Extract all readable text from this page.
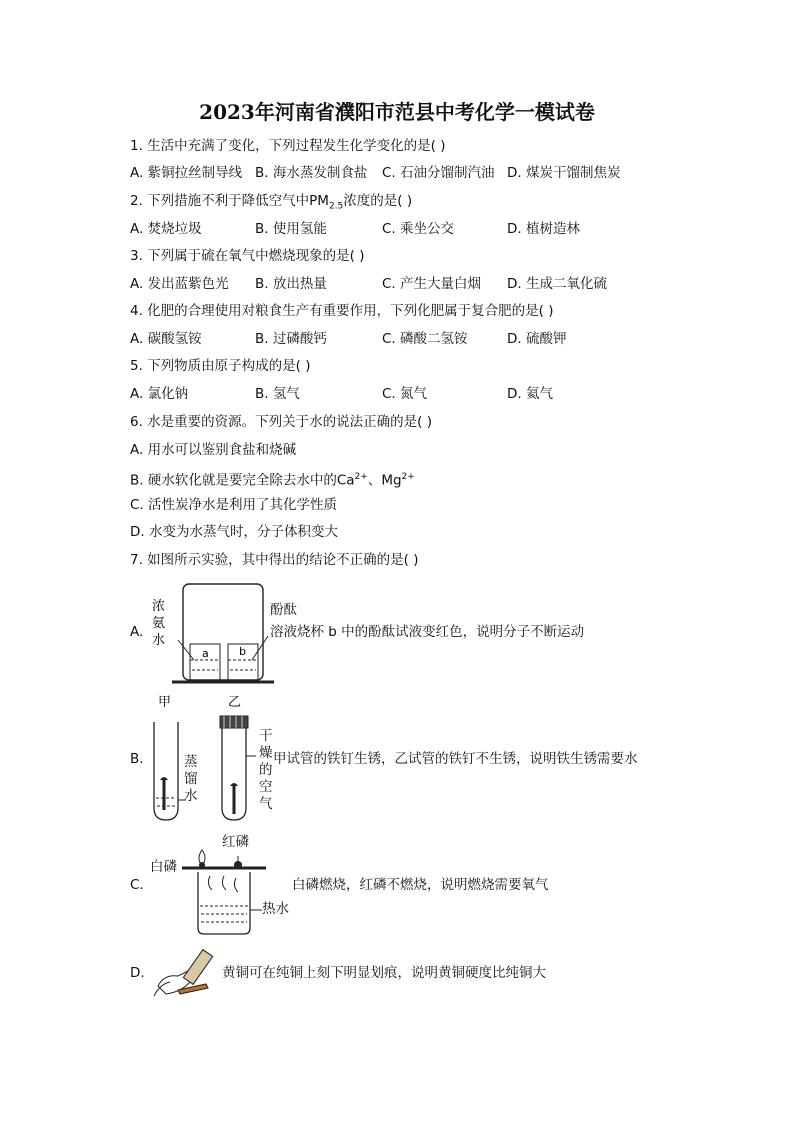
2023年河南省濮阳市范县中考化学一模试卷
1. 生活中充满了变化，下列过程发生化学变化的是( )
A. 紫铜拉丝制导线 B. 海水蒸发制食盐 C. 石油分馏制汽油 D. 煤炭干馏制焦炭
2. 下列措施不利于降低空气中$PM_{2.5}$浓度的是( )
A. 焚烧垃圾	B. 使用氢能	C. 乘坐公交	D. 植树造林
3. 下列属于硫在氧气中燃烧现象的是( )
A. 发出蓝紫色光 B. 放出热量	C. 产生大量白烟 D. 生成二氧化硫
4. 化肥的合理使用对粮食生产有重要作用，下列化肥属于复合肥的是( )
A. 碳酸氢铵	B. 过磷酸钙	C. 磷酸二氢铵	D. 硫酸钾
5. 下列物质由原子构成的是( )
A. 氯化钠	B. 氢气	C. 氮气	D. 氦气
6. 水是重要的资源。下列关于水的说法正确的是( )
A. 用水可以鉴别食盐和烧碱
B. 硬水软化就是要完全除去水中的$Ca^{2+}$、$Mg^{2+}$
C. 活性炭净水是利用了其化学性质
D. 水变为水蒸气时，分子体积变大
7. 如图所示实验，其中得出的结论不正确的是( )
A.
浓
氨
水
a	b
酚酞
溶液烧杯 b 中的酚酞试液变红色，说明分子不断运动
B.
甲	乙
蒸
馏
水
干
燥
的
空
气
甲试管的铁钉生锈，乙试管的铁钉不生锈，说明铁生锈需要水
C.
红磷
白磷
热水
白磷燃烧，红磷不燃烧，说明燃烧需要氧气
D.	黄铜可在纯铜上刻下明显划痕，说明黄铜硬度比纯铜大
